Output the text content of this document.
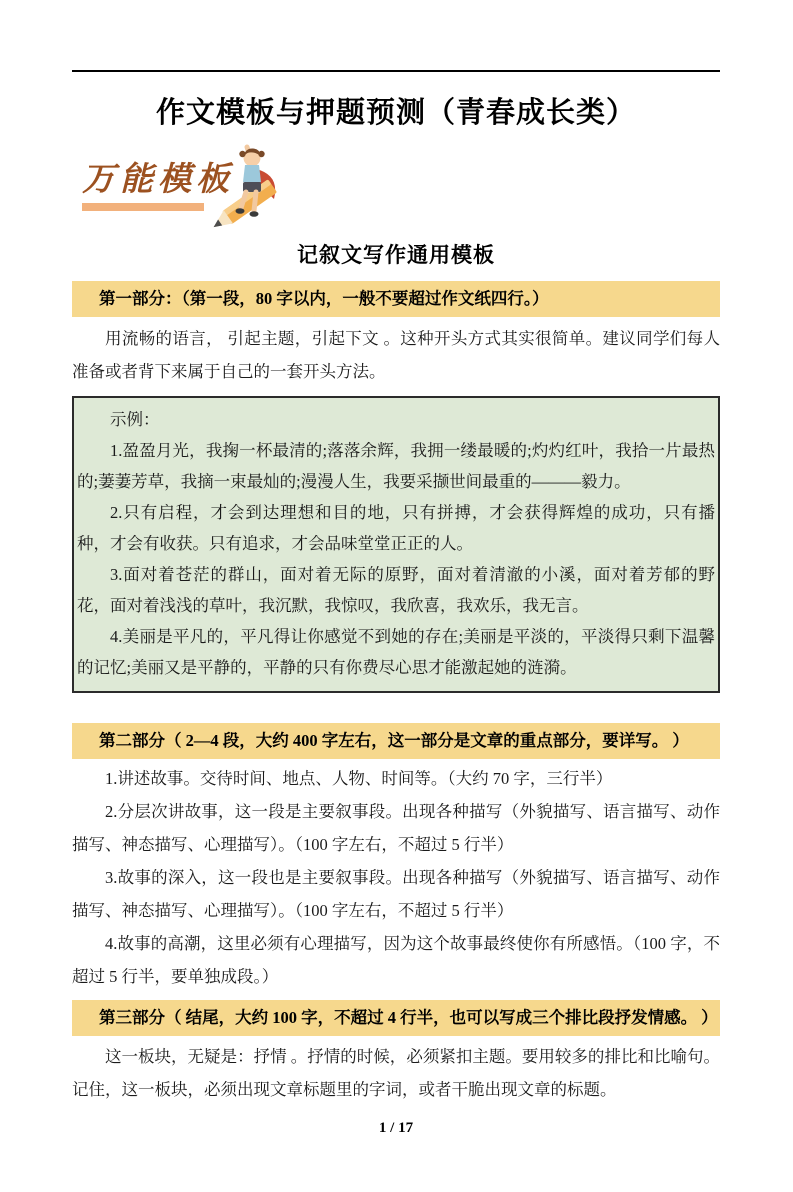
作文模板与押题预测（青春成长类）
万能模板
记叙文写作通用模板
第一部分：（第一段，80 字以内，一般不要超过作文纸四行。）

用流畅的语言， 引起主题，引起下文 。这种开头方式其实很简单。建议同学们每人准备或者背下来属于自己的一套开头方法。

示例：

1.盈盈月光，我掬一杯最清的;落落余辉，我拥一缕最暖的;灼灼红叶，我拾一片最热的;萋萋芳草，我摘一束最灿的;漫漫人生，我要采撷世间最重的———毅力。

2.只有启程，才会到达理想和目的地，只有拼搏，才会获得辉煌的成功，只有播种，才会有收获。只有追求，才会品味堂堂正正的人。

3.面对着苍茫的群山，面对着无际的原野，面对着清澈的小溪，面对着芳郁的野花，面对着浅浅的草叶，我沉默，我惊叹，我欣喜，我欢乐，我无言。

4.美丽是平凡的，平凡得让你感觉不到她的存在;美丽是平淡的，平淡得只剩下温馨的记忆;美丽又是平静的，平静的只有你费尽心思才能激起她的涟漪。

第二部分（ 2—4 段，大约 400 字左右，这一部分是文章的重点部分，要详写。 ）

1.讲述故事。交待时间、地点、人物、时间等。（大约 70 字，三行半）

2.分层次讲故事，这一段是主要叙事段。出现各种描写（外貌描写、语言描写、动作描写、神态描写、心理描写）。（100 字左右，不超过 5 行半）

3.故事的深入，这一段也是主要叙事段。出现各种描写（外貌描写、语言描写、动作描写、神态描写、心理描写）。（100 字左右，不超过 5 行半）

4.故事的高潮，这里必须有心理描写，因为这个故事最终使你有所感悟。（100 字，不超过 5 行半，要单独成段。）

第三部分（ 结尾，大约 100 字，不超过 4 行半，也可以写成三个排比段抒发情感。 ）

这一板块，无疑是：抒情 。抒情的时候，必须紧扣主题。要用较多的排比和比喻句。记住，这一板块，必须出现文章标题里的字词，或者干脆出现文章的标题。

1 / 17
